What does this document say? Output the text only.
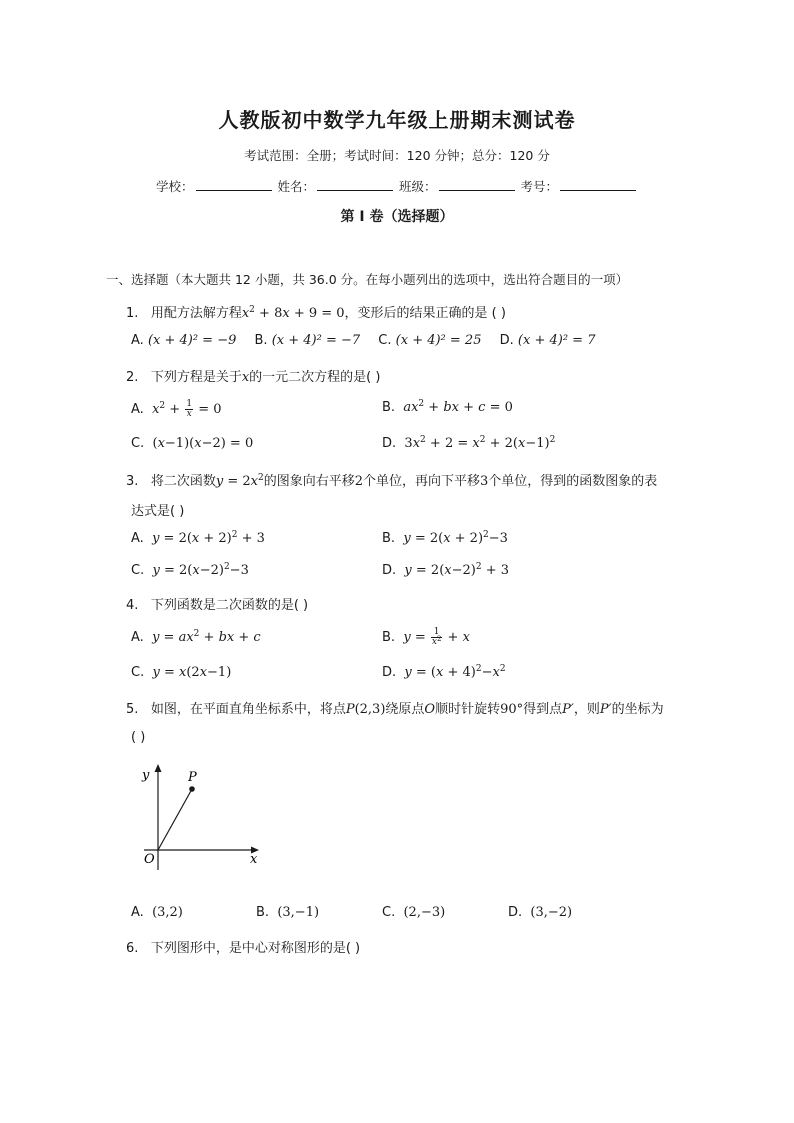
人教版初中数学九年级上册期末测试卷
考试范围：全册；考试时间：120 分钟；总分：120 分
学校：	姓名：	班级：	考号：
第 I 卷（选择题）
一、选择题（本大题共 12 小题，共 36.0 分。在每小题列出的选项中，选出符合题目的一项）
1. 用配方法解方程$x^2 + 8x + 9 = 0$，变形后的结果正确的是 ( )
A. (x + 4)² = −9 B. (x + 4)² = −7 C. (x + 4)² = 25 D. (x + 4)² = 7
2. 下列方程是关于x的一元二次方程的是( )
A. $x^2 + \frac{1}{x} = 0$	B. $ax^2$ + bx + c = 0
C. (x−1)(x−2) = 0	D. $3x^2 + 2 = x^2 + 2(x-1)^2$
3. 将二次函数$y = 2x^2$的图象向右平移2个单位，再向下平移3个单位，得到的函数图象的表
达式是( )
A. $y = 2(x + 2)^2 + 3$	B. $y = 2(x + 2)^2-3$
C. $y = 2(x-2)^2-3$	D. $y = 2(x-2)^2 + 3$
4. 下列函数是二次函数的是( )
A. $y = ax^2$ + bx + c	B. $y = \frac{1}{x^2} + x$
C. y = x(2x−1)	D. $y = (x + 4)^2-x^2$
5. 如图，在平面直角坐标系中，将点P(2,3)绕原点O顺时针旋转90°得到点P′，则P′的坐标为
( )
y
x
O
P
A. (3,2)	B. (3,−1)	C. (2,−3)	D. (3,−2)
6. 下列图形中，是中心对称图形的是( )
